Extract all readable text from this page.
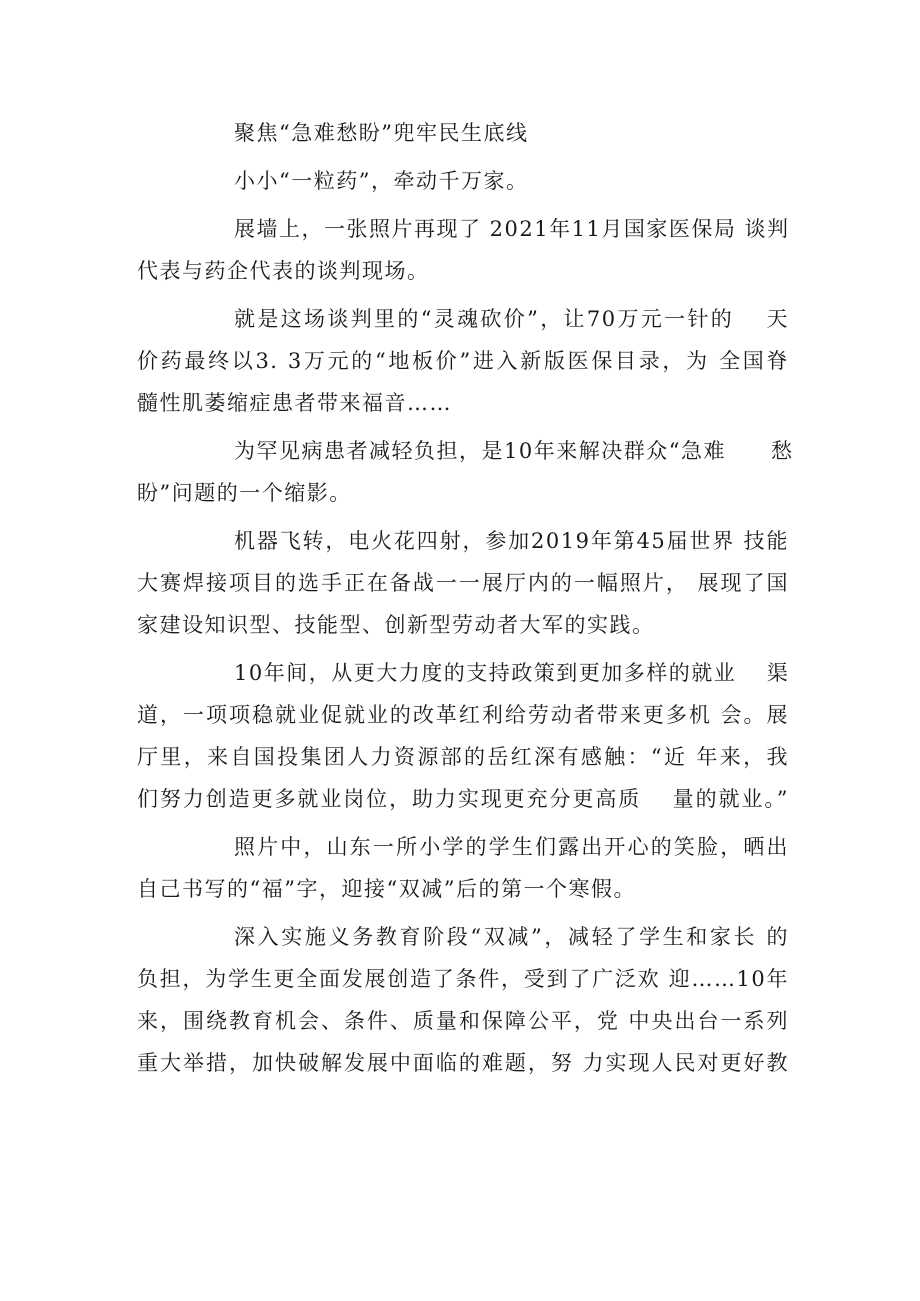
聚焦“急难愁盼”兜牢民生底线

小小“一粒药”，牵动千万家。

展墙上，一张照片再现了 2021年11月国家医保局 谈判
代表与药企代表的谈判现场。

就是这场谈判里的“灵魂砍价”，让70万元一针的　 天
价药最终以3. 3万元的“地板价”进入新版医保目录，为 全国脊
髓性肌萎缩症患者带来福音……

为罕见病患者减轻负担，是10年来解决群众“急难　　愁
盼”问题的一个缩影。

机器飞转，电火花四射，参加2019年第45届世界 技能
大赛焊接项目的选手正在备战一一展厅内的一幅照片， 展现了国
家建设知识型、技能型、创新型劳动者大军的实践。

10年间，从更大力度的支持政策到更加多样的就业　 渠
道，一项项稳就业促就业的改革红利给劳动者带来更多机 会。展
厅里，来自国投集团人力资源部的岳红深有感触：“近 年来，我
们努力创造更多就业岗位，助力实现更充分更高质　 量的就业。”

照片中，山东一所小学的学生们露出开心的笑脸，晒出
自己书写的“福”字，迎接“双减”后的第一个寒假。

深入实施义务教育阶段“双减”，减轻了学生和家长 的
负担，为学生更全面发展创造了条件，受到了广泛欢 迎……10年
来，围绕教育机会、条件、质量和保障公平，党 中央出台一系列
重大举措，加快破解发展中面临的难题，努 力实现人民对更好教
